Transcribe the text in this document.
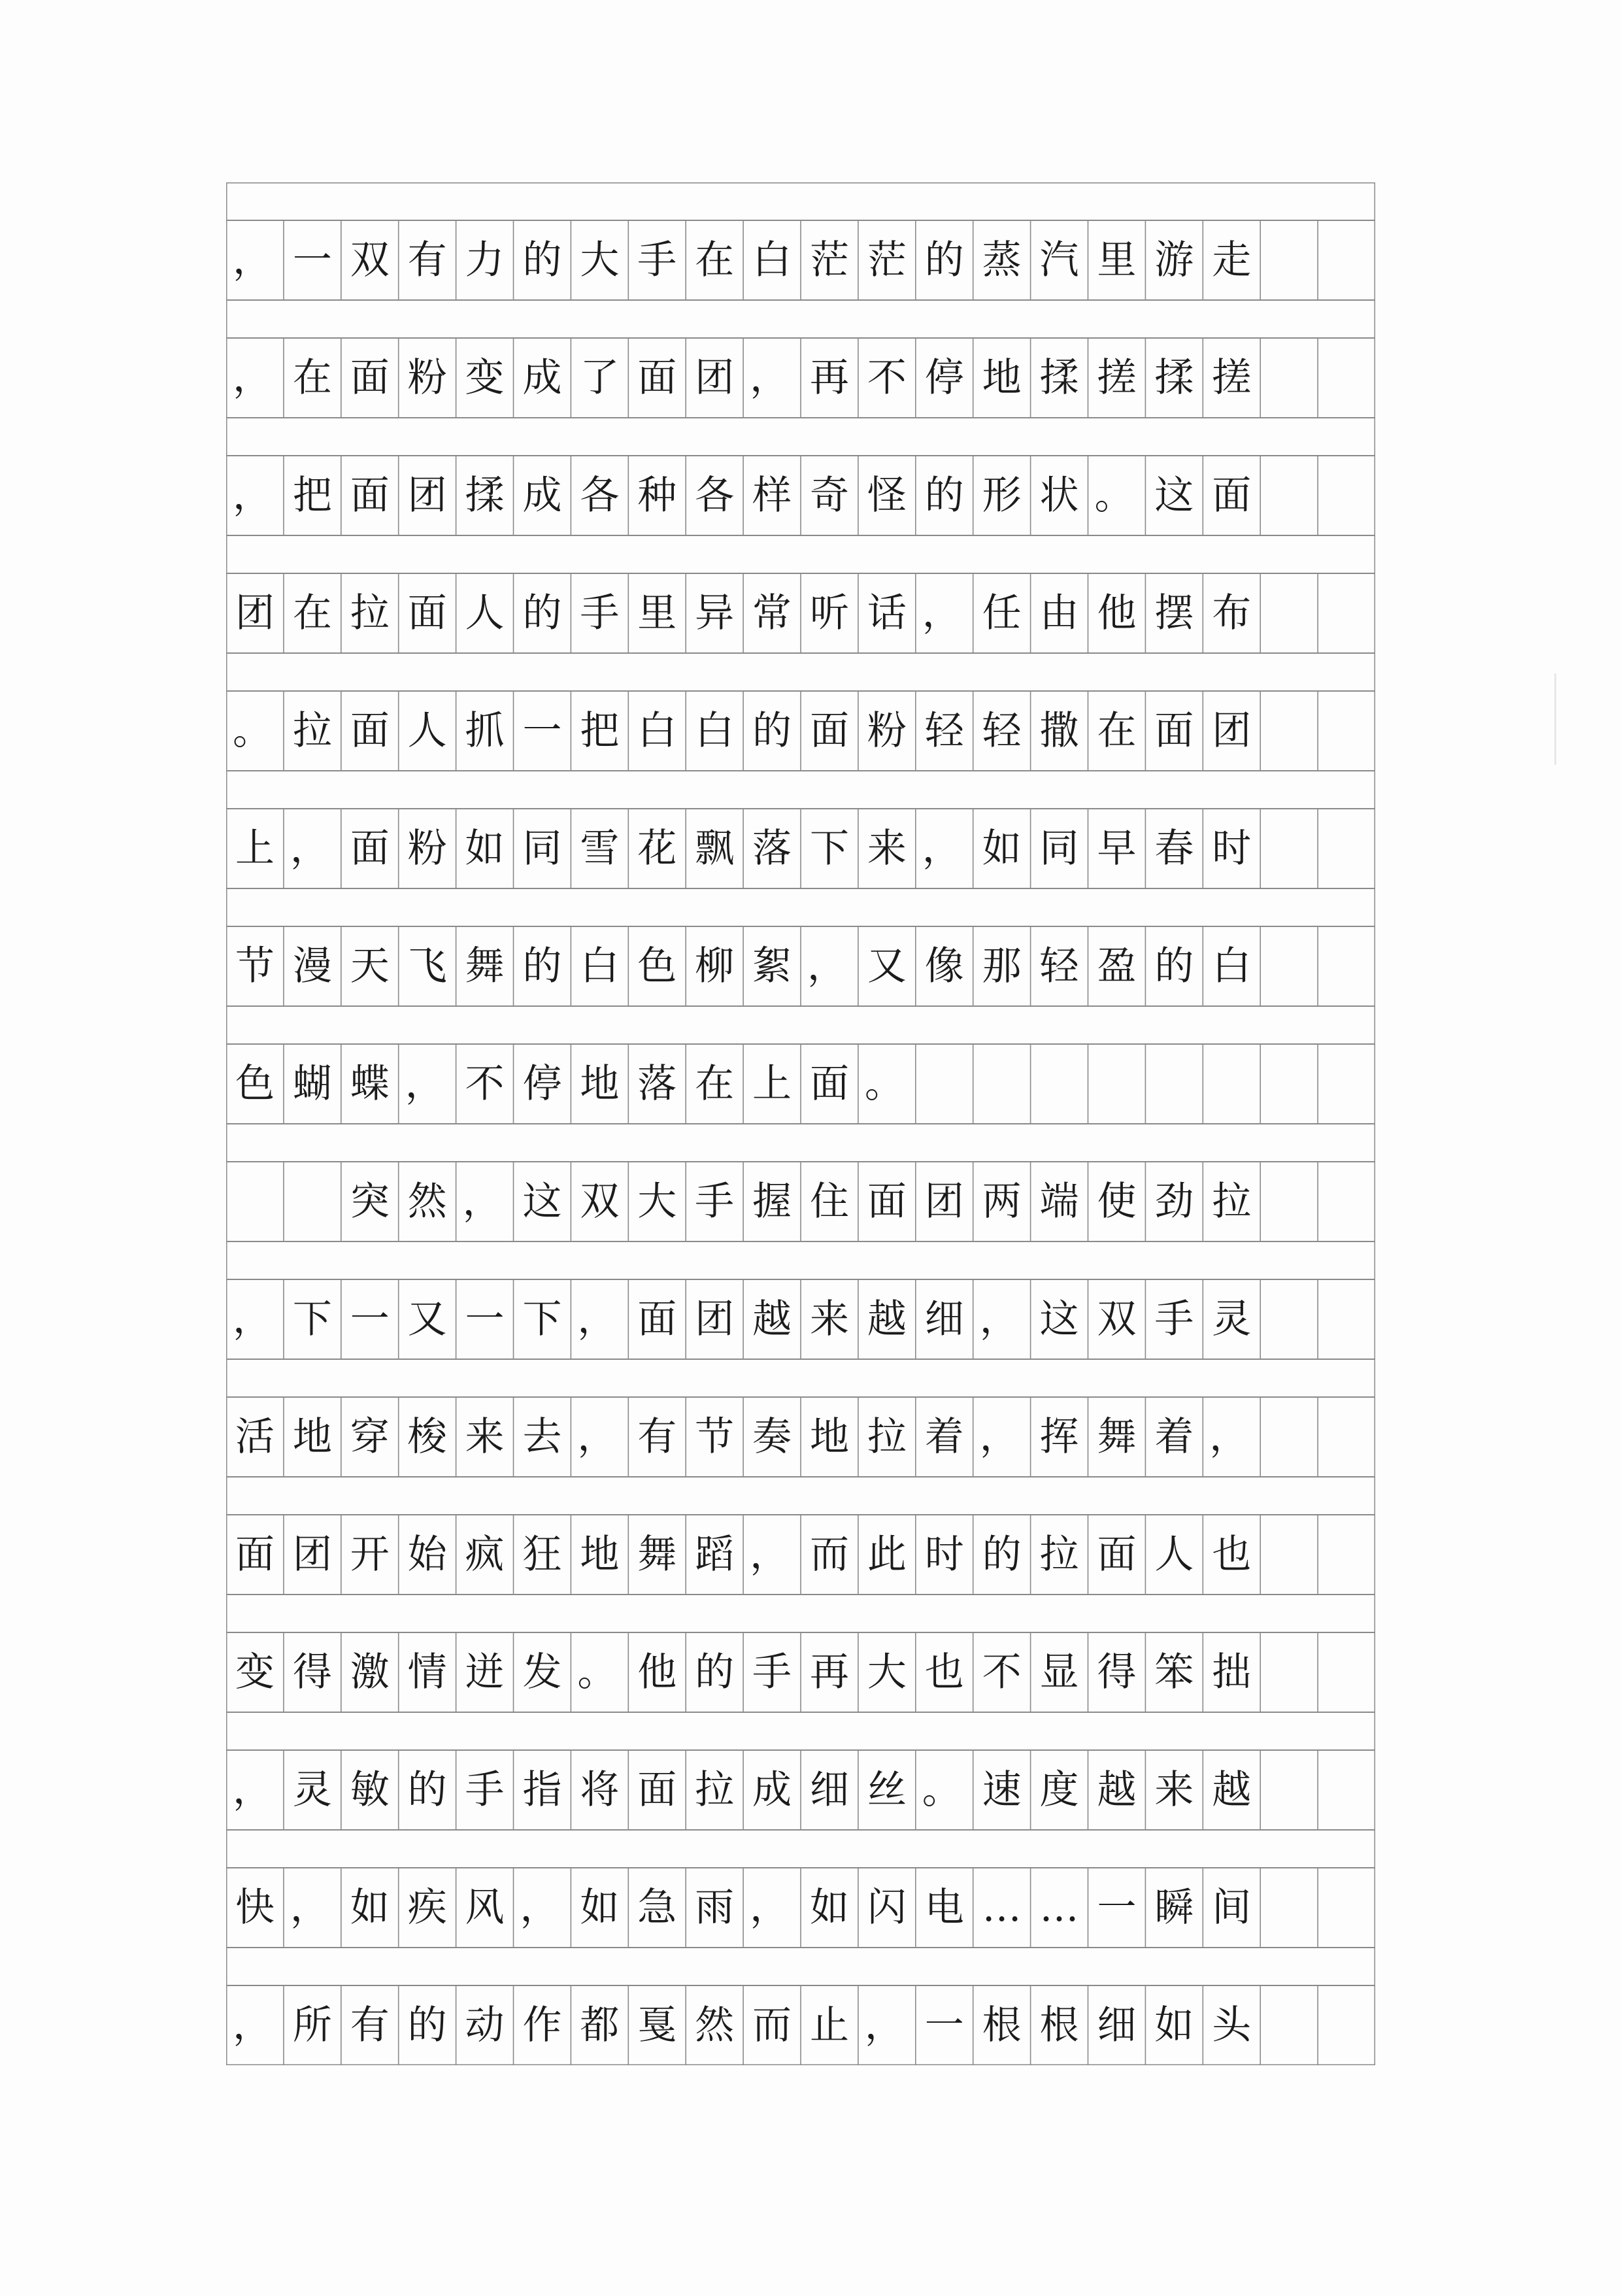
， 一 双 有 力 的 大 手 在 白 茫 茫 的 蒸 汽 里 游 走
， 在 面 粉 变 成 了 面 团 ， 再 不 停 地 揉 搓 揉 搓
， 把 面 团 揉 成 各 种 各 样 奇 怪 的 形 状 。 这 面
团 在 拉 面 人 的 手 里 异 常 听 话 ， 任 由 他 摆 布
。 拉 面 人 抓 一 把 白 白 的 面 粉 轻 轻 撒 在 面 团
上 ， 面 粉 如 同 雪 花 飘 落 下 来 ， 如 同 早 春 时
节 漫 天 飞 舞 的 白 色 柳 絮 ， 又 像 那 轻 盈 的 白
色 蝴 蝶 ， 不 停 地 落 在 上 面 。
突 然 ， 这 双 大 手 握 住 面 团 两 端 使 劲 拉
， 下 一 又 一 下 ， 面 团 越 来 越 细 ， 这 双 手 灵
活 地 穿 梭 来 去 ， 有 节 奏 地 拉 着 ， 挥 舞 着 ，
面 团 开 始 疯 狂 地 舞 蹈 ， 而 此 时 的 拉 面 人 也
变 得 激 情 迸 发 。 他 的 手 再 大 也 不 显 得 笨 拙
， 灵 敏 的 手 指 将 面 拉 成 细 丝 。 速 度 越 来 越
快 ， 如 疾 风 ， 如 急 雨 ， 如 闪 电 … … 一 瞬 间
， 所 有 的 动 作 都 戛 然 而 止 ， 一 根 根 细 如 头
